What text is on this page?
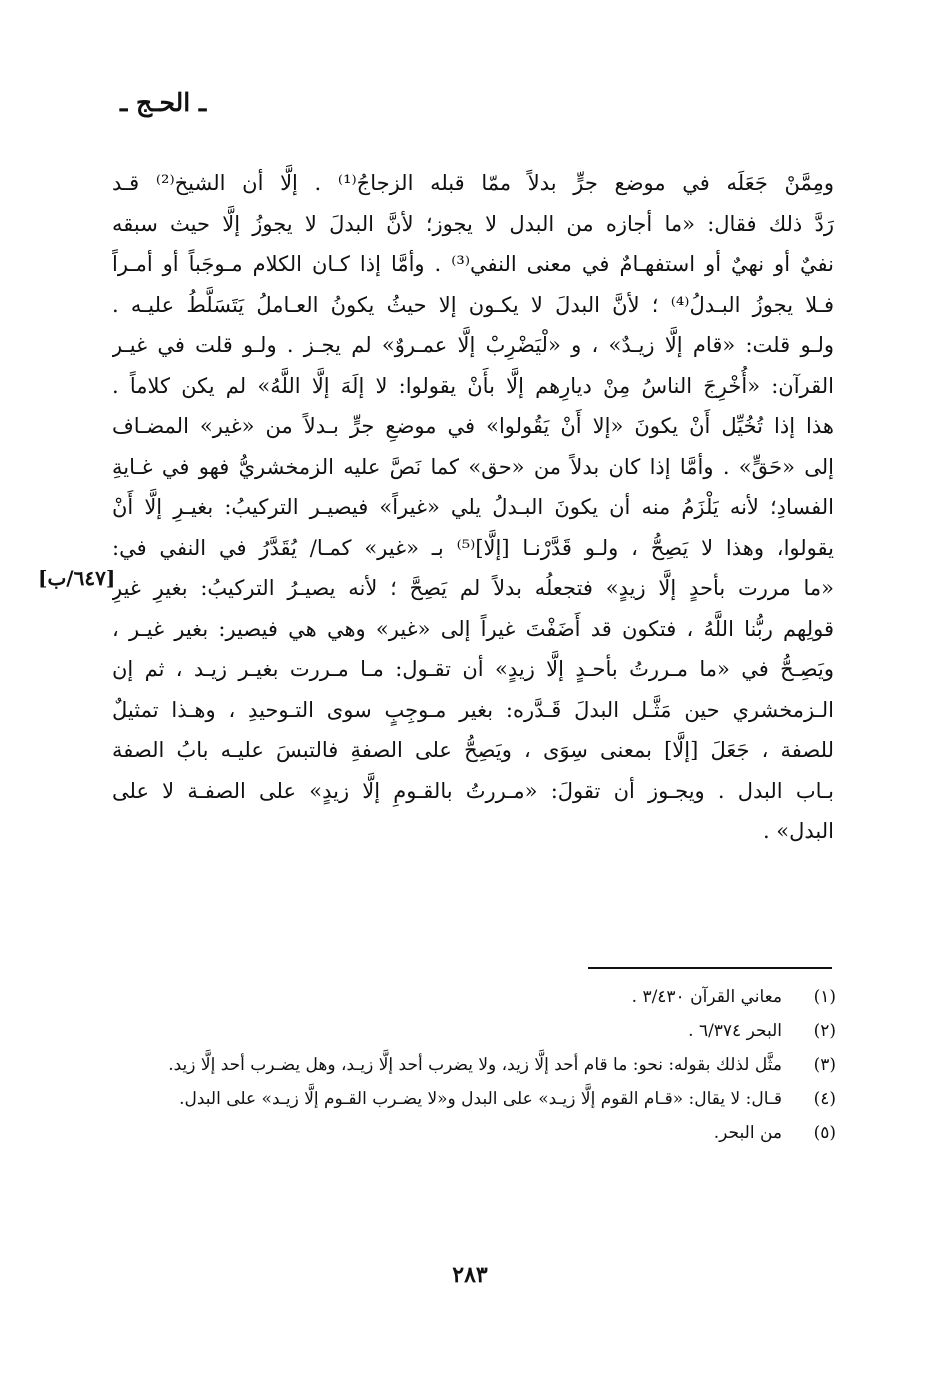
ـ الحـج ـ
[٦٤٧/ب]
ومِمَّنْ جَعَلَه في موضع جرٍّ بدلاً ممّا قبله الزجاجُ⁽¹⁾ . إلَّا أن الشيخ⁽²⁾ قـد
رَدَّ ذلك فقال: «ما أجازه من البدل لا يجوز؛ لأنَّ البدلَ لا يجوزُ إلَّا حيث سبقه
نفيٌ أو نهيٌ أو استفهـامٌ في معنى النفي⁽³⁾ . وأمَّا إذا كـان الكلام مـوجَباً أو أمـراً
فـلا يجوزُ البـدلُ⁽⁴⁾ ؛ لأنَّ البدلَ لا يكـون إلا حيثُ يكونُ العـاملُ يَتَسَلَّطُ عليـه .
ولـو قلت: «قام إلَّا زيـدٌ» ، و «لْيَضْرِبْ إلَّا عمـروٌ» لم يجـز . ولـو قلت في غيـر
القرآن: «أُخْرِجَ الناسُ مِنْ ديارِهم إلَّا بأَنْ يقولوا: لا إلَهَ إلَّا اللَّهُ» لم يكن كلاماً .
هذا إذا تُخُيِّل أَنْ يكونَ «إلا أَنْ يَقُولوا» في موضعِ جرٍّ بـدلاً من «غير» المضـاف
إلى «حَقٍّ» . وأمَّا إذا كان بدلاً من «حق» كما نَصَّ عليه الزمخشريُّ فهو في غـايةِ
الفسادِ؛ لأنه يَلْزَمُ منه أن يكونَ البـدلُ يلي «غيراً» فيصيـر التركيبُ: بغيـرِ إلَّا أَنْ
يقولوا، وهذا لا يَصِحُّ ، ولـو قَدَّرْنـا [إلَّا]⁽⁵⁾ بـ «غير» كمـا/ يُقَدَّرُ في النفي في:
«ما مررت بأحدٍ إلَّا زيدٍ» فتجعلُه بدلاً لم يَصِحَّ ؛ لأنه يصيـرُ التركيبُ: بغيرِ غيرِ
قولِهم ربُّنا اللَّهُ ، فتكون قد أَضَفْتَ غيراً إلى «غير» وهي هي فيصير: بغير غيـر ،
ويَصِـحُّ في «ما مـررتُ بأحـدٍ إلَّا زيدٍ» أن تقـول: مـا مـررت بغيـر زيـد ، ثم إن
الـزمخشري حين مَثَّـل البدلَ قَـدَّره: بغير مـوجِبٍ سوى التـوحيدِ ، وهـذا تمثيلٌ
للصفة ، جَعَلَ [إلَّا] بمعنى سِوَى ، ويَصِحُّ على الصفةِ فالتبسَ عليـه بابُ الصفة
بـاب البدل . ويجـوز أن تقولَ: «مـررتُ بالقـومِ إلَّا زيدٍ» على الصفـة لا على
البدل» .
(١)
معاني القرآن ٣/٤٣٠ .
(٢)
البحر ٦/٣٧٤ .
(٣)
مثَّل لذلك بقوله: نحو: ما قام أحد إلَّا زيد، ولا يضرب أحد إلَّا زيـد، وهل يضـرب أحد إلَّا زيد.
(٤)
قـال: لا يقال: «قـام القوم إلَّا زيـد» على البدل و«لا يضـرب القـوم إلَّا زيـد» على البدل.
(٥)
من البحر.
٢٨٣
